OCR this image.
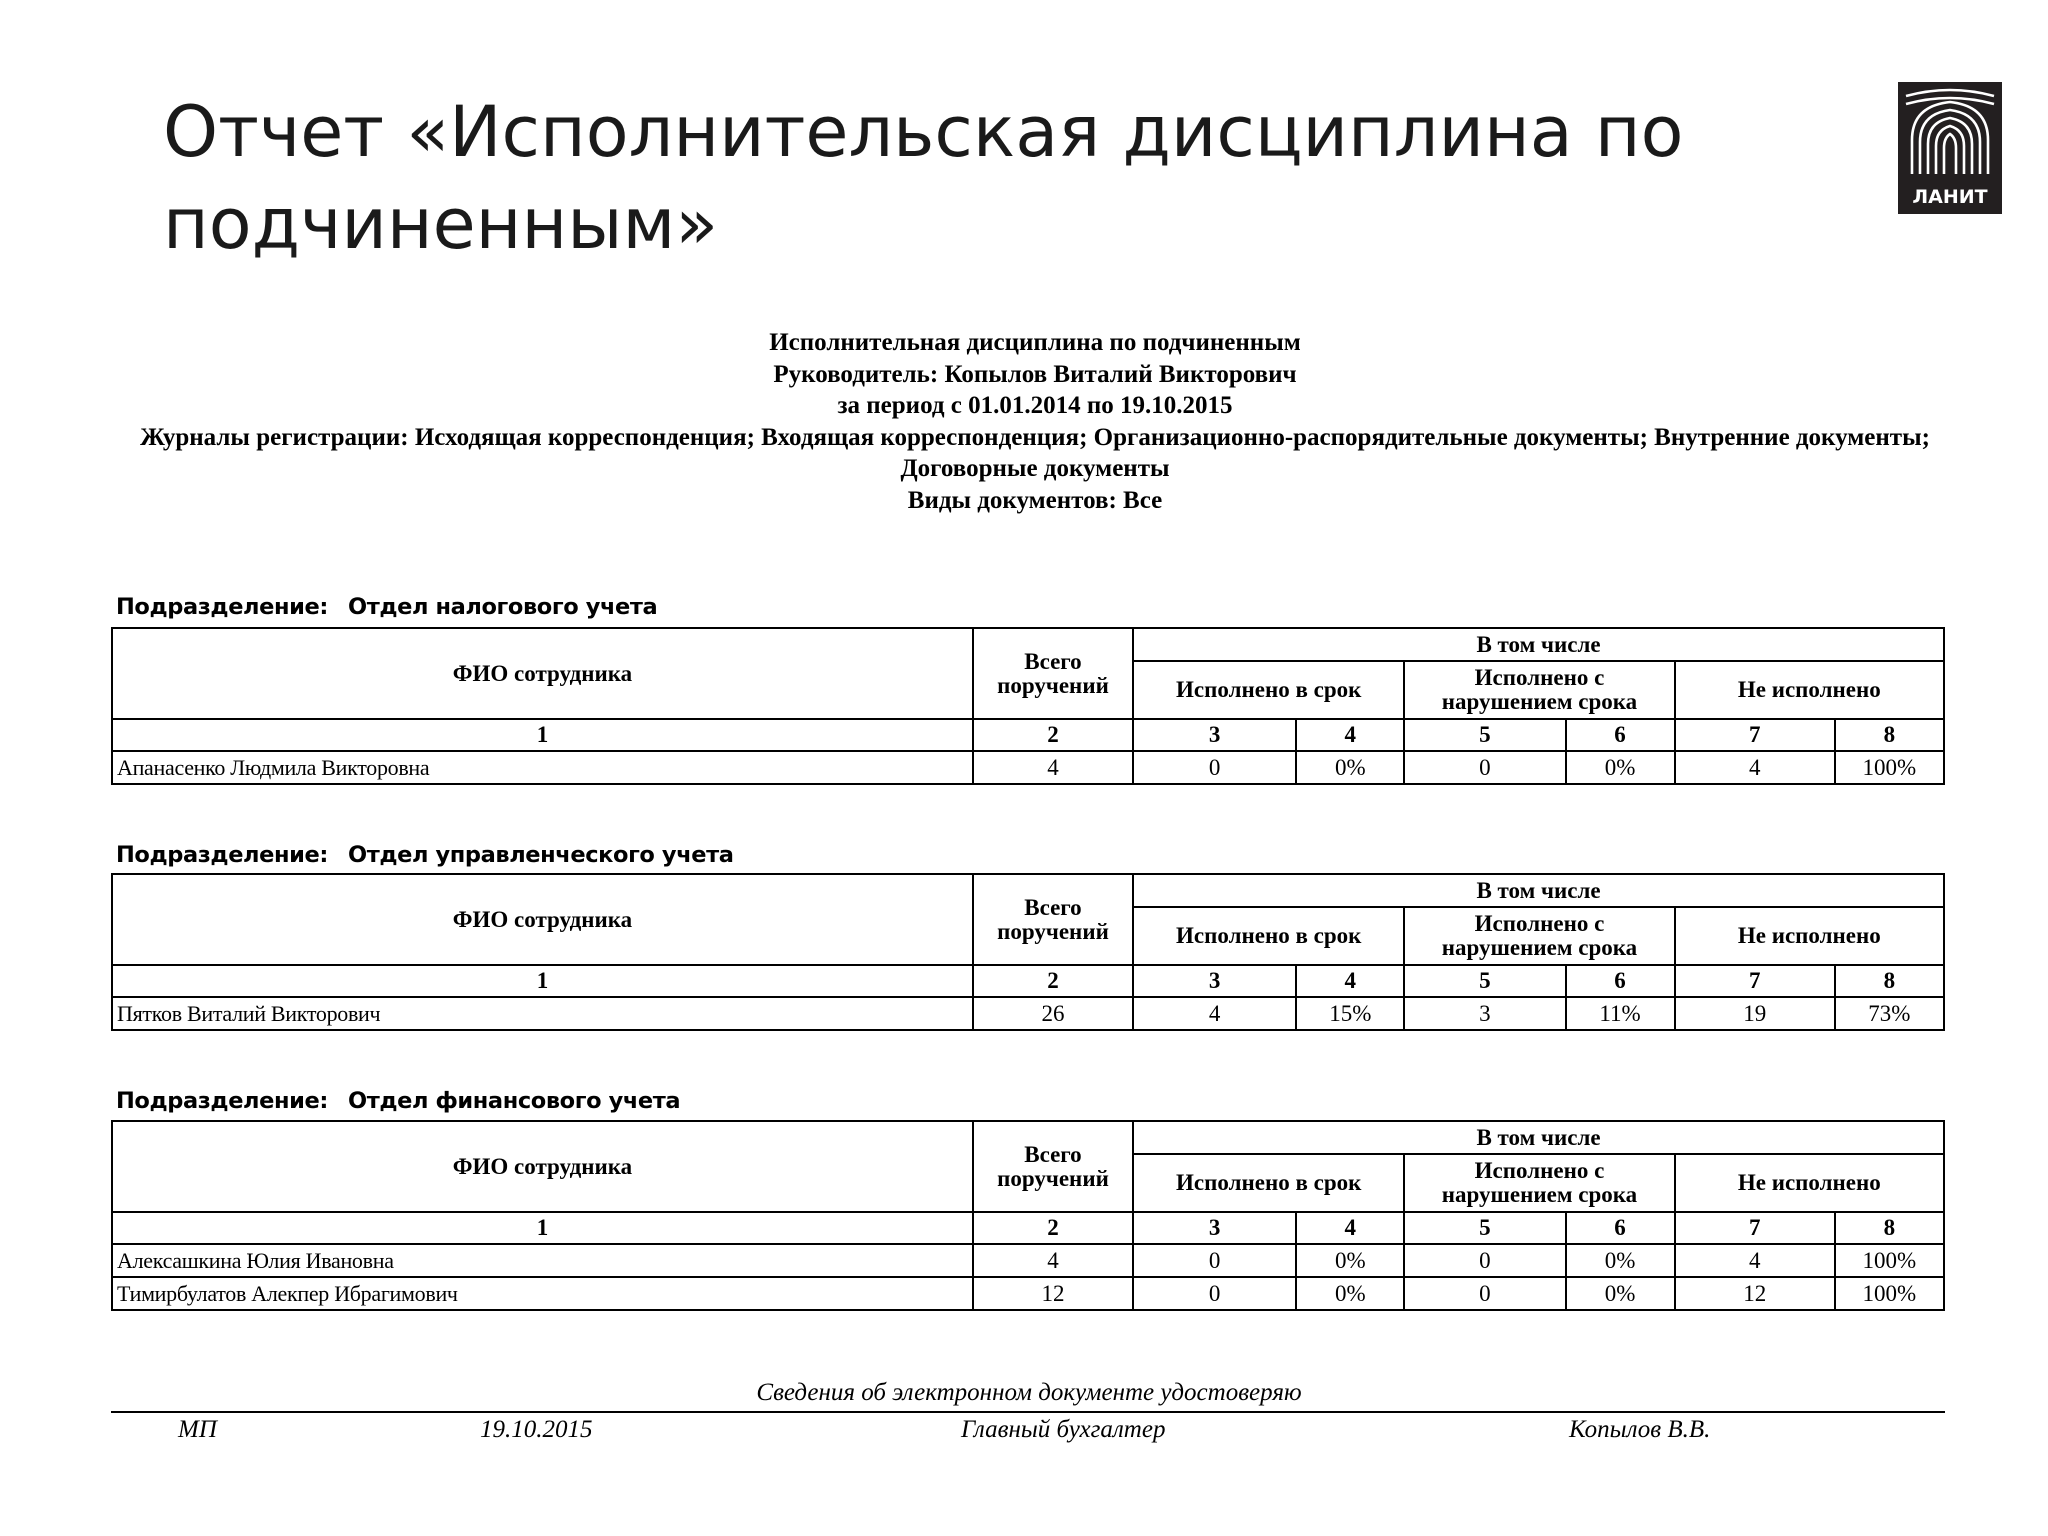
Отчет «Исполнительская дисциплина по подчиненным»	ЛАНИТ
Исполнительная дисциплина по подчиненным
Руководитель: Копылов Виталий Викторович
за период с 01.01.2014 по 19.10.2015
Журналы регистрации: Исходящая корреспонденция; Входящая корреспонденция; Организационно-распорядительные документы; Внутренние документы; Договорные документы
Виды документов: Все
Подразделение: Отдел налогового учета
ФИО сотрудника	Всего поручений	В том числе					
		Исполнено в срок		Исполнено с нарушением срока		Не исполнено	
1	2	3	4	5	6	7	8
Апанасенко Людмила Викторовна	4	0	0%	0	0%	4	100%
Подразделение: Отдел управленческого учета
ФИО сотрудника	Всего поручений	В том числе					
		Исполнено в срок		Исполнено с нарушением срока		Не исполнено	
1	2	3	4	5	6	7	8
Пятков Виталий Викторович	26	4	15%	3	11%	19	73%
Подразделение: Отдел финансового учета
ФИО сотрудника	Всего поручений	В том числе					
		Исполнено в срок		Исполнено с нарушением срока		Не исполнено	
1	2	3	4	5	6	7	8
Алексашкина Юлия Ивановна	4	0	0%	0	0%	4	100%
Тимирбулатов Алекпер Ибрагимович	12	0	0%	0	0%	12	100%
Сведения об электронном документе удостоверяю
МП	19.10.2015	Главный бухгалтер	Копылов В.В.
